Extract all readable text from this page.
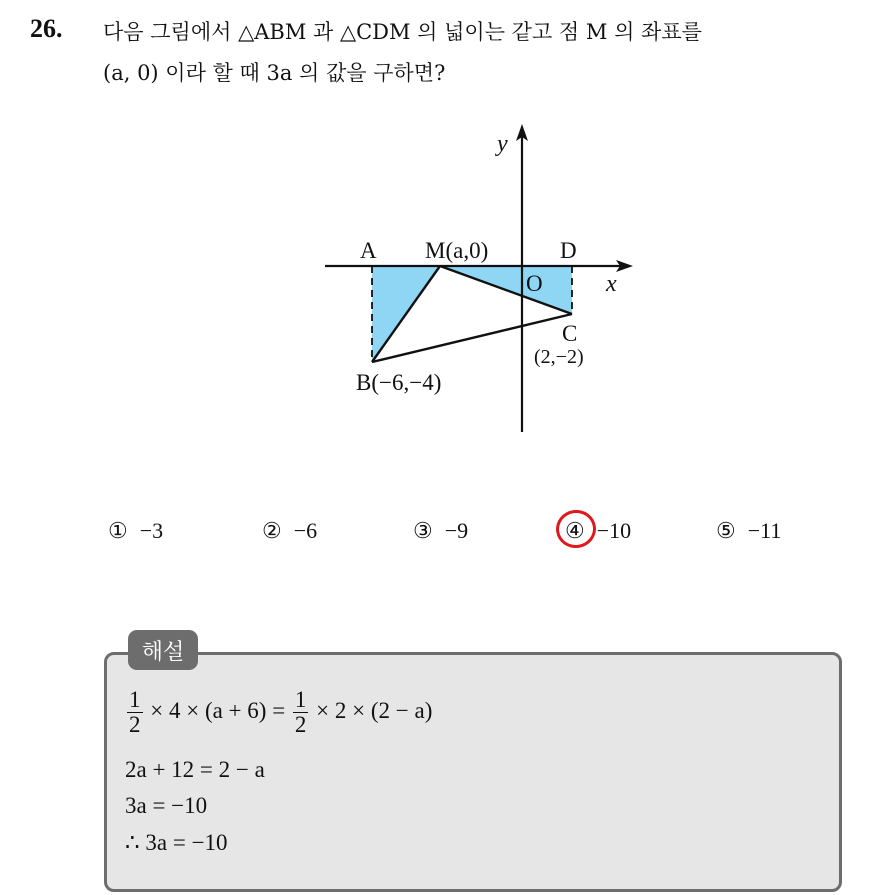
26. 다음 그림에서 △ABM 과 △CDM 의 넓이는 같고 점 M 의 좌표를
(a, 0) 이라 할 때 3a 의 값을 구하면?
y
x
A M(a,0)	D
O
C
(2,−2)
B(−6,−4)
① −3	② −6	③ −9	④ −10	⑤ −11
해설
$\frac{1}{2} \times 4 \times (a + 6) = \frac{1}{2} \times 2 \times (2 - a)$
2a + 12 = 2 − a
3a = −10
∴ 3a = −10
